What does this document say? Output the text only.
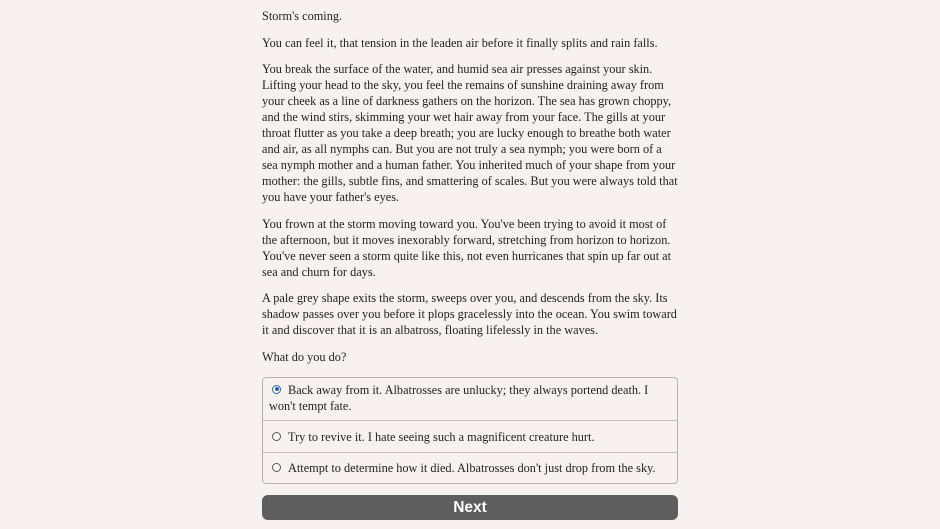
Storm's coming.

You can feel it, that tension in the leaden air before it finally splits and rain falls.

You break the surface of the water, and humid sea air presses against your skin. Lifting your head to the sky, you feel the remains of sunshine draining away from your cheek as a line of darkness gathers on the horizon. The sea has grown choppy, and the wind stirs, skimming your wet hair away from your face. The gills at your throat flutter as you take a deep breath; you are lucky enough to breathe both water and air, as all nymphs can. But you are not truly a sea nymph; you were born of a sea nymph mother and a human father. You inherited much of your shape from your mother: the gills, subtle fins, and smattering of scales. But you were always told that you have your father's eyes.

You frown at the storm moving toward you. You've been trying to avoid it most of the afternoon, but it moves inexorably forward, stretching from horizon to horizon. You've never seen a storm quite like this, not even hurricanes that spin up far out at sea and churn for days.

A pale grey shape exits the storm, sweeps over you, and descends from the sky. Its shadow passes over you before it plops gracelessly into the ocean. You swim toward it and discover that it is an albatross, floating lifelessly in the waves.

What do you do?

Back away from it. Albatrosses are unlucky; they always portend death. I won't tempt fate.
Try to revive it. I hate seeing such a magnificent creature hurt.
Attempt to determine how it died. Albatrosses don't just drop from the sky.
Next
